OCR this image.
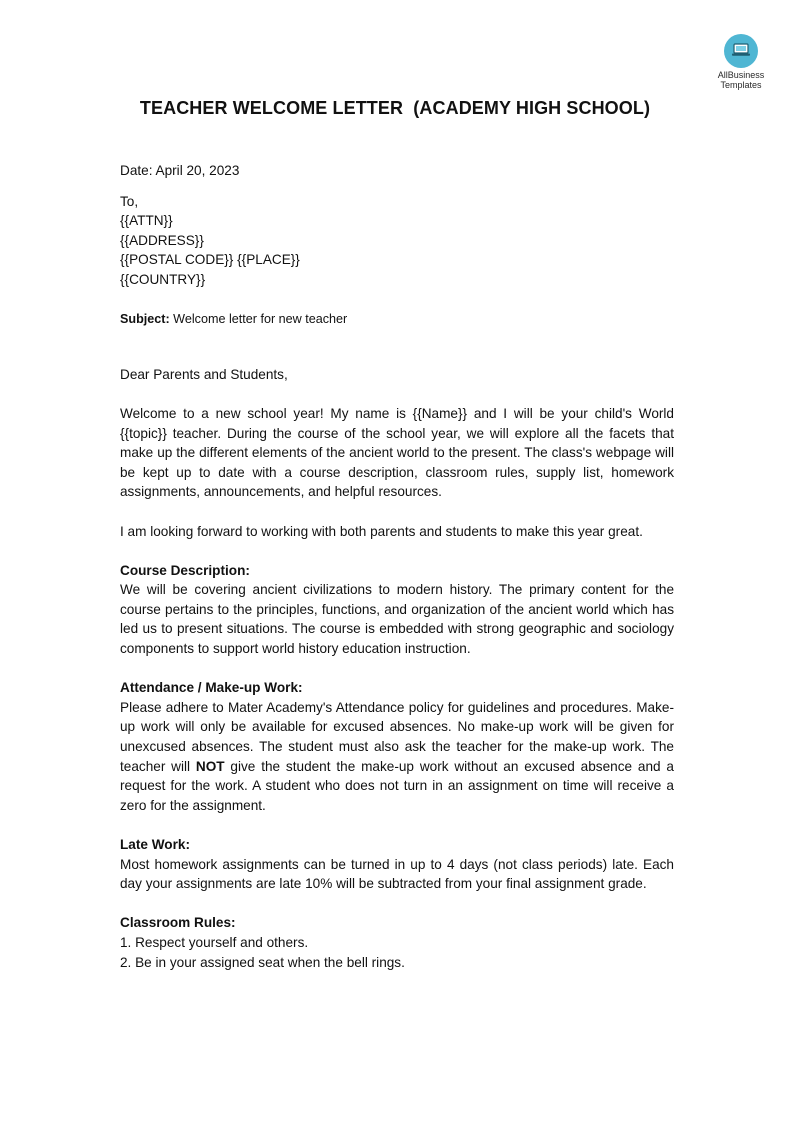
AllBusiness
Templates
TEACHER WELCOME LETTER  (ACADEMY HIGH SCHOOL)

Date: April 20, 2023

To,

{{ATTN}}

{{ADDRESS}}

{{POSTAL CODE}} {{PLACE}}

{{COUNTRY}}

Subject: Welcome letter for new teacher

Dear Parents and Students,

Welcome to a new school year! My name is {{Name}} and I will be your child's World {{topic}} teacher. During the course of the school year, we will explore all the facets that make up the different elements of the ancient world to the present. The class's webpage will be kept up to date with a course description, classroom rules, supply list, homework assignments, announcements, and helpful resources.

I am looking forward to working with both parents and students to make this year great.

Course Description:

We will be covering ancient civilizations to modern history. The primary content for the course pertains to the principles, functions, and organization of the ancient world which has led us to present situations. The course is embedded with strong geographic and sociology components to support world history education instruction.

Attendance / Make-up Work:

Please adhere to Mater Academy's Attendance policy for guidelines and procedures. Make-up work will only be available for excused absences. No make-up work will be given for unexcused absences. The student must also ask the teacher for the make-up work. The teacher will NOT give the student the make-up work without an excused absence and a request for the work. A student who does not turn in an assignment on time will receive a zero for the assignment.

Late Work:

Most homework assignments can be turned in up to 4 days (not class periods) late. Each day your assignments are late 10% will be subtracted from your final assignment grade.

Classroom Rules:

1. Respect yourself and others.

2. Be in your assigned seat when the bell rings.
